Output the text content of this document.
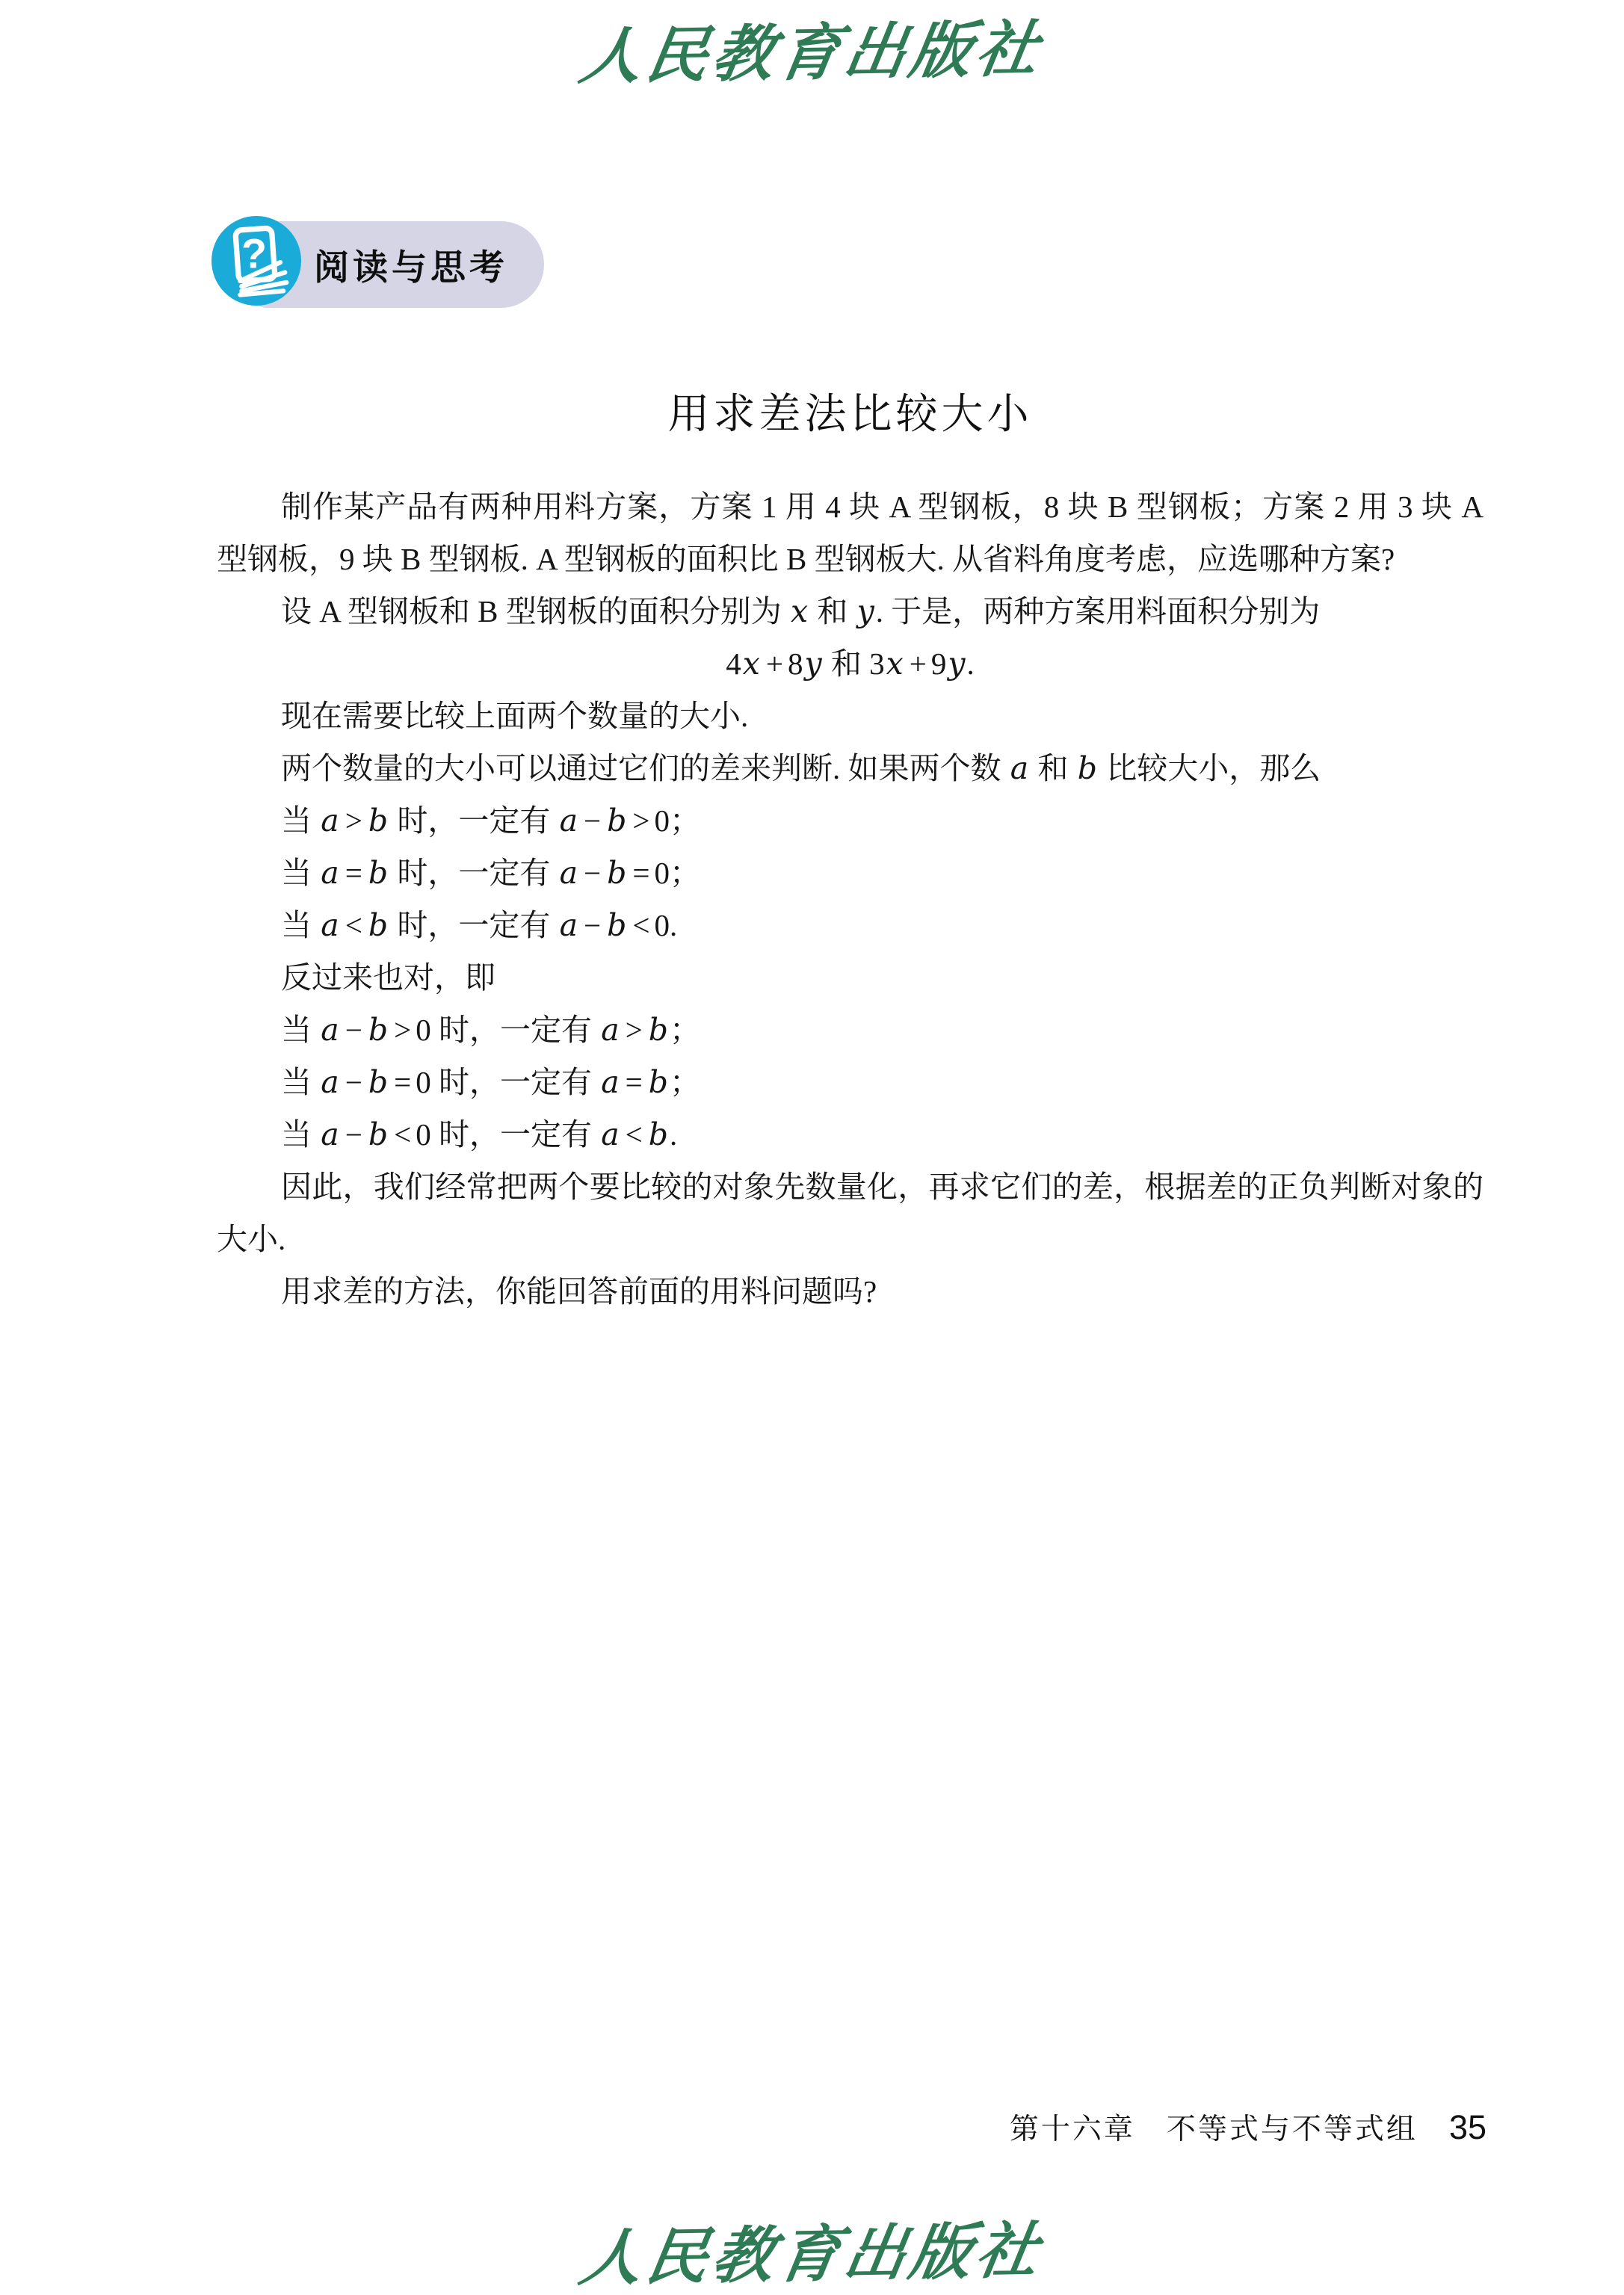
人民教育出版社
阅读与思考
?
用求差法比较大小

制作某产品有两种用料方案，方案 1 用 4 块 A 型钢板，8 块 B 型钢板；方案 2 用 3 块 A 型钢板，9 块 B 型钢板. A 型钢板的面积比 B 型钢板大. 从省料角度考虑，应选哪种方案?

设 A 型钢板和 B 型钢板的面积分别为 x 和 y. 于是，两种方案用料面积分别为

4x + 8y 和 3x + 9y.

现在需要比较上面两个数量的大小.

两个数量的大小可以通过它们的差来判断. 如果两个数 a 和 b 比较大小，那么

当 a > b 时，一定有 a − b > 0；

当 a = b 时，一定有 a − b = 0；

当 a < b 时，一定有 a − b < 0.

反过来也对，即

当 a − b > 0 时，一定有 a > b；

当 a − b = 0 时，一定有 a = b；

当 a − b < 0 时，一定有 a < b.

因此，我们经常把两个要比较的对象先数量化，再求它们的差，根据差的正负判断对象的大小.

用求差的方法，你能回答前面的用料问题吗?

第十六章　不等式与不等式组 35
人民教育出版社
